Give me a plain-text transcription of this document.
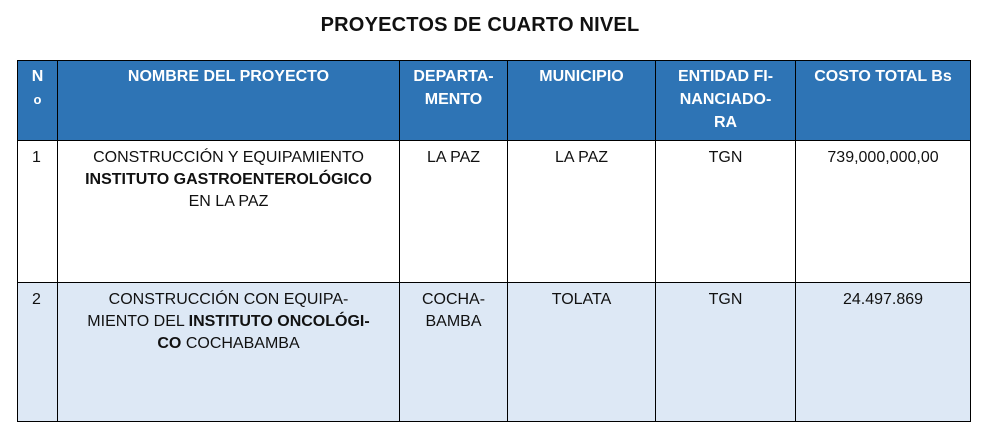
PROYECTOS DE CUARTO NIVEL
N
o	NOMBRE DEL PROYECTO	DEPARTA-
MENTO	MUNICIPIO	ENTIDAD FI-
NANCIADO-
RA	COSTO TOTAL Bs
1	CONSTRUCCIÓN Y EQUIPAMIENTO
INSTITUTO GASTROENTEROLÓGICO
EN LA PAZ	LA PAZ	LA PAZ	TGN	739,000,000,00
2	CONSTRUCCIÓN CON EQUIPA-
MIENTO DEL INSTITUTO ONCOLÓGI-
CO COCHABAMBA	COCHA-
BAMBA	TOLATA	TGN	24.497.869
